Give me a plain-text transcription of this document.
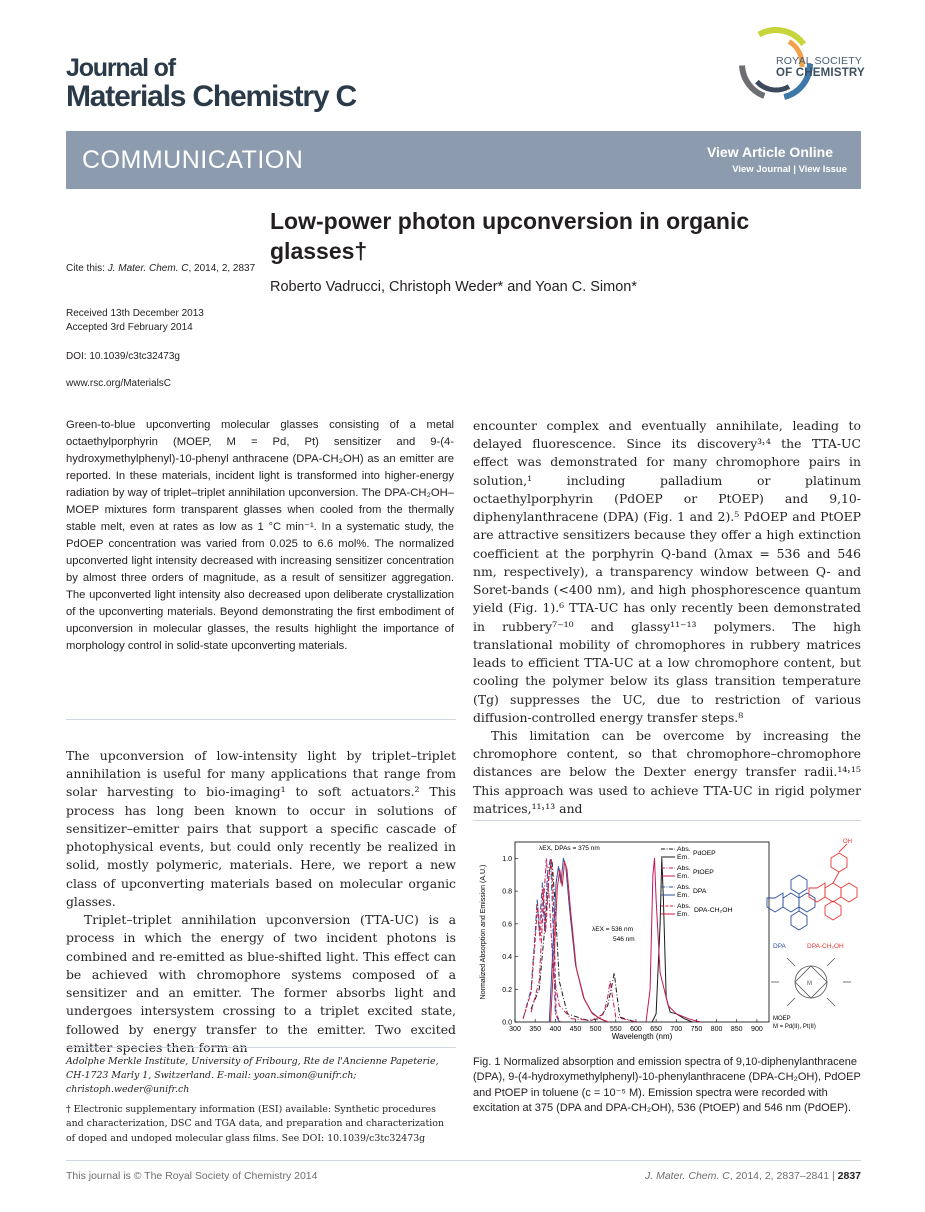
Journal of
Materials Chemistry C
ROYAL SOCIETY
OF CHEMISTRY
COMMUNICATION	View Article Online
View Journal | View Issue
Low-power photon upconversion in organic glasses†
Roberto Vadrucci, Christoph Weder* and Yoan C. Simon*
Cite this: J. Mater. Chem. C, 2014, 2, 2837
Received 13th December 2013
Accepted 3rd February 2014
DOI: 10.1039/c3tc32473g
www.rsc.org/MaterialsC
Green-to-blue upconverting molecular glasses consisting of a metal octaethylporphyrin (MOEP, M = Pd, Pt) sensitizer and 9-(4-hydroxymethylphenyl)-10-phenyl anthracene (DPA-CH₂OH) as an emitter are reported. In these materials, incident light is transformed into higher-energy radiation by way of triplet–triplet annihilation upconversion. The DPA-CH₂OH–MOEP mixtures form transparent glasses when cooled from the thermally stable melt, even at rates as low as 1 °C min⁻¹. In a systematic study, the PdOEP concentration was varied from 0.025 to 6.6 mol%. The normalized upconverted light intensity decreased with increasing sensitizer concentration by almost three orders of magnitude, as a result of sensitizer aggregation. The upconverted light intensity also decreased upon deliberate crystallization of the upconverting materials. Beyond demonstrating the first embodiment of upconversion in molecular glasses, the results highlight the importance of morphology control in solid-state upconverting materials.

The upconversion of low-intensity light by triplet–triplet annihilation is useful for many applications that range from solar harvesting to bio-imaging¹ to soft actuators.² This process has long been known to occur in solutions of sensitizer–emitter pairs that support a specific cascade of photophysical events, but could only recently be realized in solid, mostly polymeric, materials. Here, we report a new class of upconverting materials based on molecular organic glasses.

Triplet–triplet annihilation upconversion (TTA-UC) is a process in which the energy of two incident photons is combined and re-emitted as blue-shifted light. This effect can be achieved with chromophore systems composed of a sensitizer and an emitter. The former absorbs light and undergoes intersystem crossing to a triplet excited state, followed by energy transfer to the emitter. Two excited emitter species then form an

encounter complex and eventually annihilate, leading to delayed fluorescence. Since its discovery³˒⁴ the TTA-UC effect was demonstrated for many chromophore pairs in solution,¹ including palladium or platinum octaethylporphyrin (PdOEP or PtOEP) and 9,10-diphenylanthracene (DPA) (Fig. 1 and 2).⁵ PdOEP and PtOEP are attractive sensitizers because they offer a high extinction coefficient at the porphyrin Q-band (λmax = 536 and 546 nm, respectively), a transparency window between Q- and Soret-bands (<400 nm), and high phosphorescence quantum yield (Fig. 1).⁶ TTA-UC has only recently been demonstrated in rubbery⁷⁻¹⁰ and glassy¹¹⁻¹³ polymers. The high translational mobility of chromophores in rubbery matrices leads to efficient TTA-UC at a low chromophore content, but cooling the polymer below its glass transition temperature (Tg) suppresses the UC, due to restriction of various diffusion-controlled energy transfer steps.⁸

This limitation can be overcome by increasing the chromophore content, so that chromophore–chromophore distances are below the Dexter energy transfer radii.¹⁴˒¹⁵ This approach was used to achieve TTA-UC in rigid polymer matrices,¹¹˒¹³ and

300 350 400 450 500 550 600 650 700 750 800 850 900
0.0
0.2
0.4
0.6
0.8
1.0
Wavelength (nm)
Normalized Absorption and Emission (A.U.)
λEX, DPAs = 375 nm
λEX = 536 nm
546 nm
Abs.
Em.
PdOEP
Abs.
Em.
PtOEP
Abs.
Em.
DPA
Abs.
Em.
DPA-CH₂OH
DPA
OH
DPA-CH₂OH
M
MOEP
M = Pd(II), Pt(II)
Fig. 1 Normalized absorption and emission spectra of 9,10-diphenylanthracene (DPA), 9-(4-hydroxymethylphenyl)-10-phenylanthracene (DPA-CH₂OH), PdOEP and PtOEP in toluene (c = 10⁻⁵ M). Emission spectra were recorded with excitation at 375 (DPA and DPA-CH₂OH), 536 (PtOEP) and 546 nm (PdOEP).
Adolphe Merkle Institute, University of Fribourg, Rte de l'Ancienne Papeterie, CH-1723 Marly 1, Switzerland. E-mail: yoan.simon@unifr.ch; christoph.weder@unifr.ch
† Electronic supplementary information (ESI) available: Synthetic procedures and characterization, DSC and TGA data, and preparation and characterization of doped and undoped molecular glass films. See DOI: 10.1039/c3tc32473g
This journal is © The Royal Society of Chemistry 2014	J. Mater. Chem. C, 2014, 2, 2837–2841 | 2837
